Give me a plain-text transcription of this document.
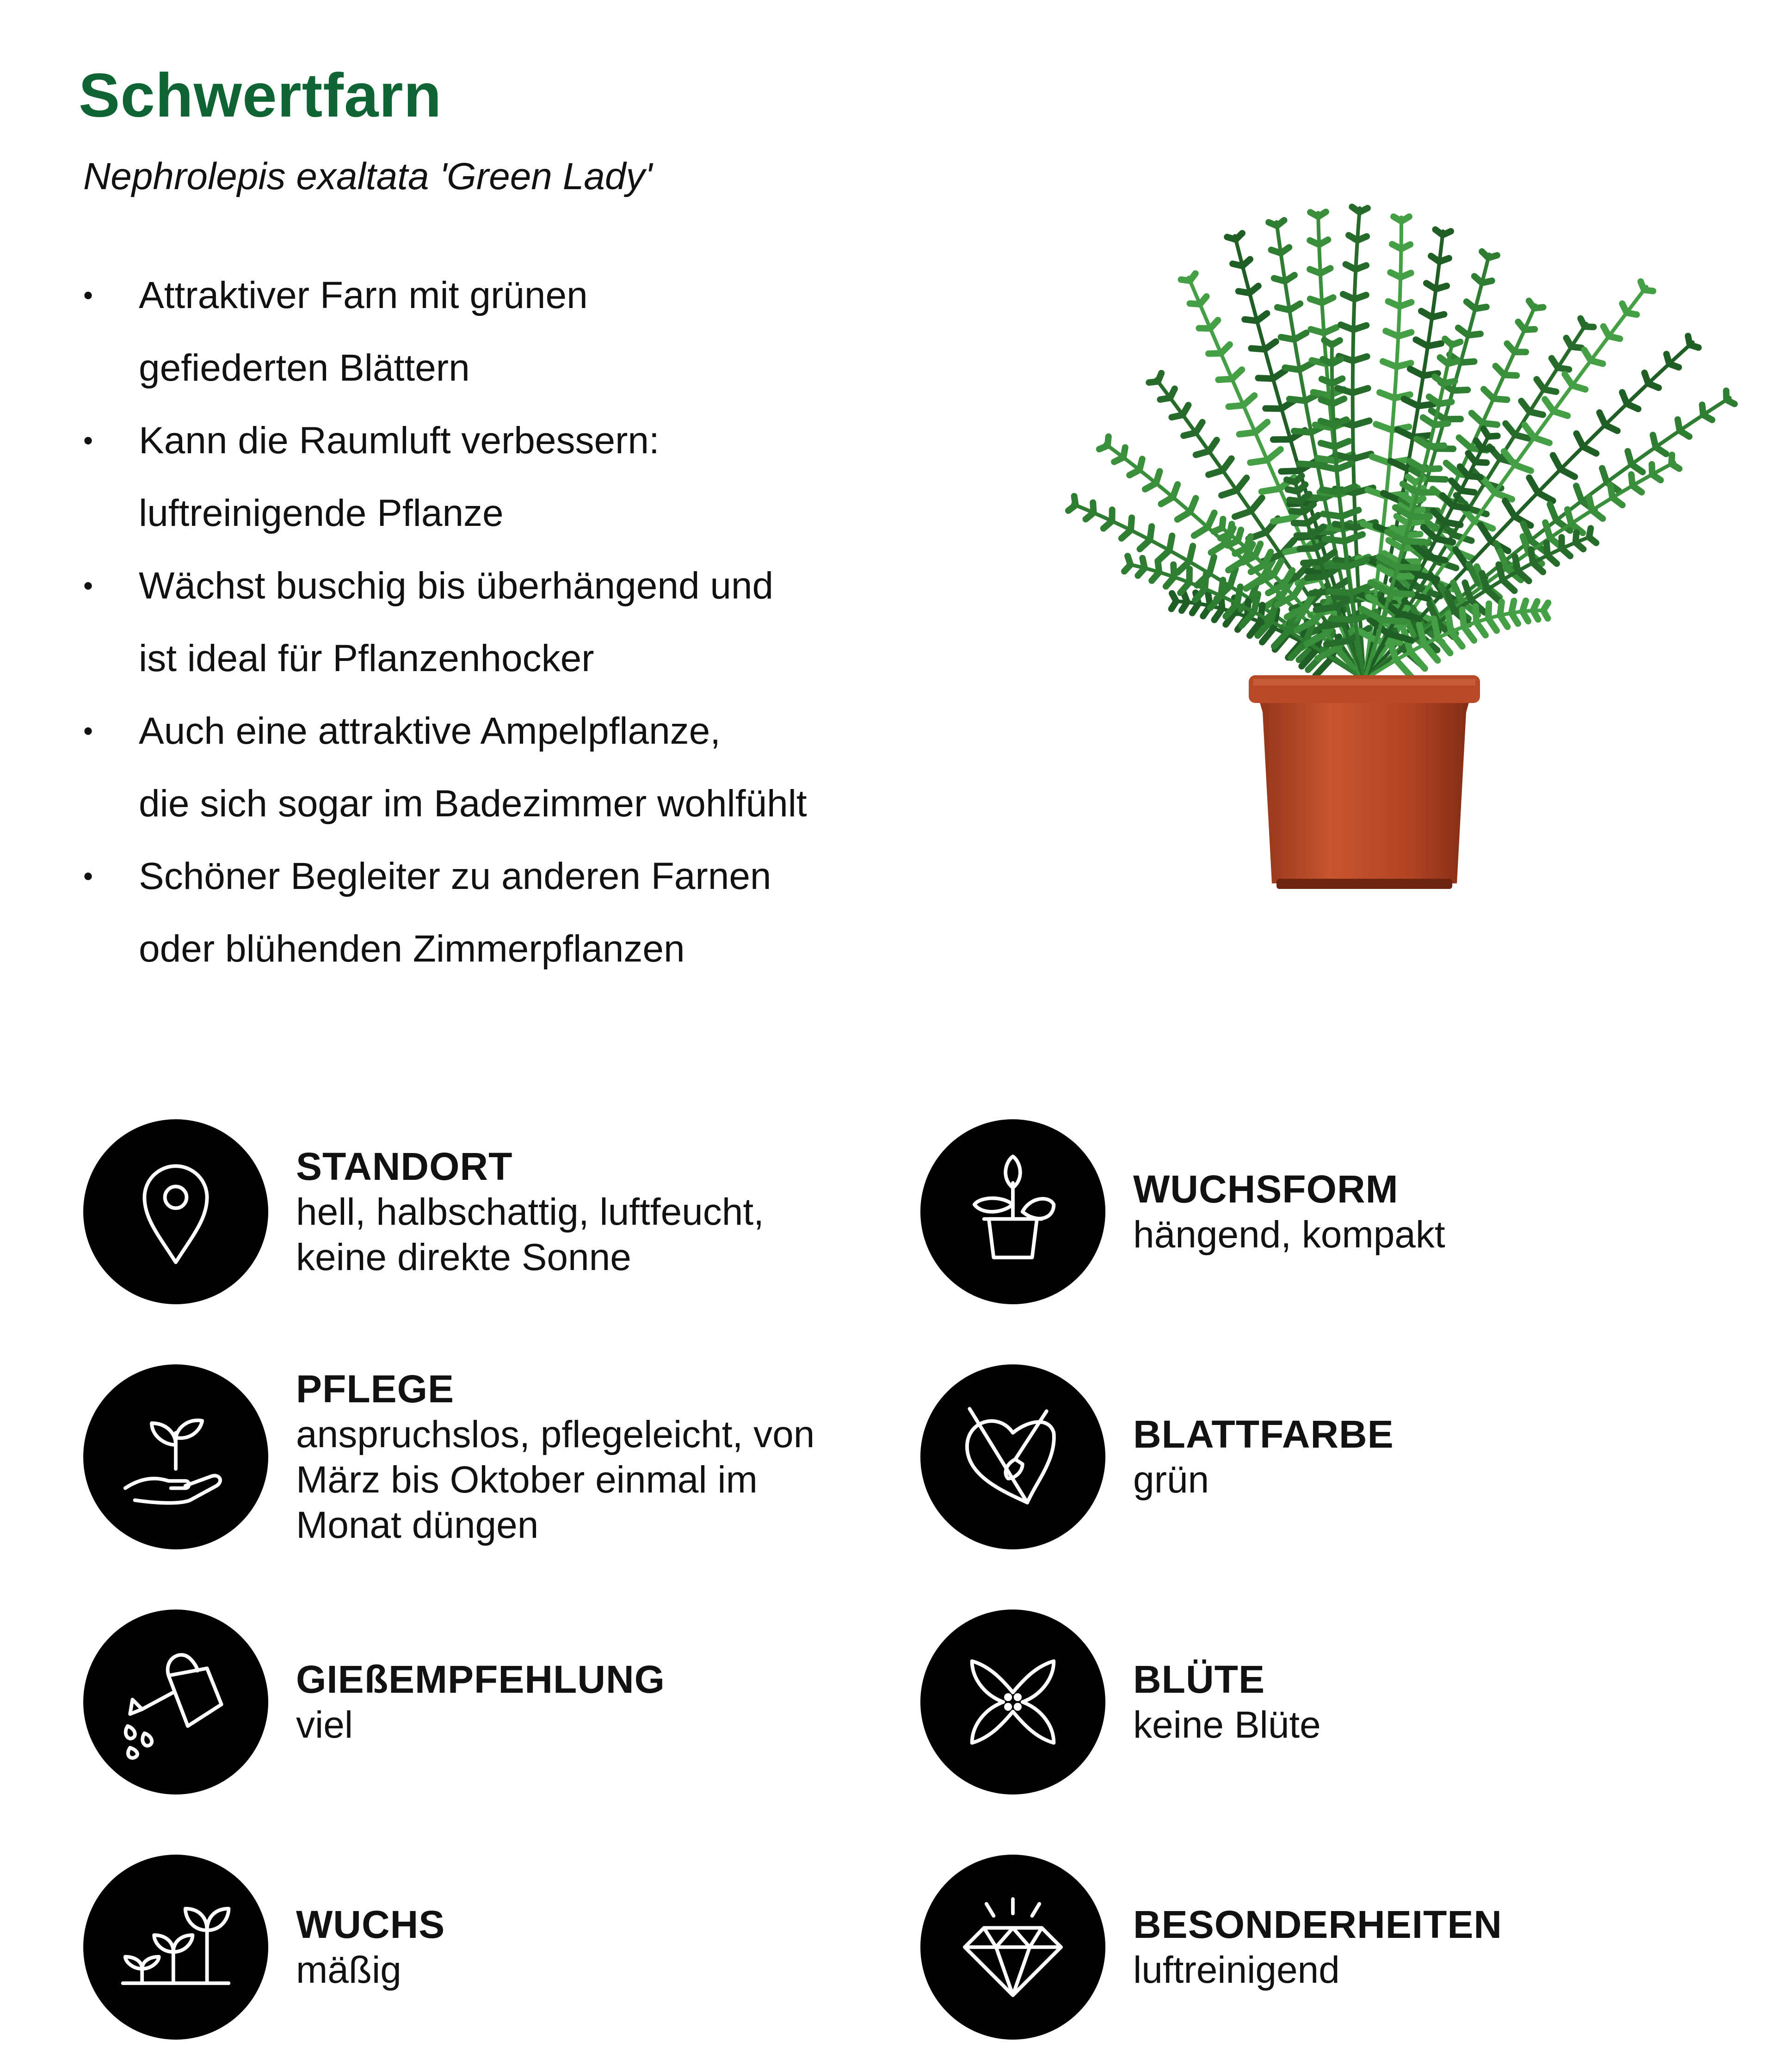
Schwertfarn
Nephrolepis exaltata 'Green Lady'
• Attraktiver Farn mit grünen
gefiederten Blättern
• Kann die Raumluft verbessern:
luftreinigende Pflanze
• Wächst buschig bis überhängend und
ist ideal für Pflanzenhocker
• Auch eine attraktive Ampelpflanze,
die sich sogar im Badezimmer wohlfühlt
• Schöner Begleiter zu anderen Farnen
oder blühenden Zimmerpflanzen
STANDORT
hell, halbschattig, luftfeucht,
keine direkte Sonne
WUCHSFORM
hängend, kompakt
PFLEGE
anspruchslos, pflegeleicht, von
März bis Oktober einmal im
Monat düngen
BLATTFARBE
grün
GIEßEMPFEHLUNG
viel
BLÜTE
keine Blüte
WUCHS
mäßig
BESONDERHEITEN
luftreinigend
